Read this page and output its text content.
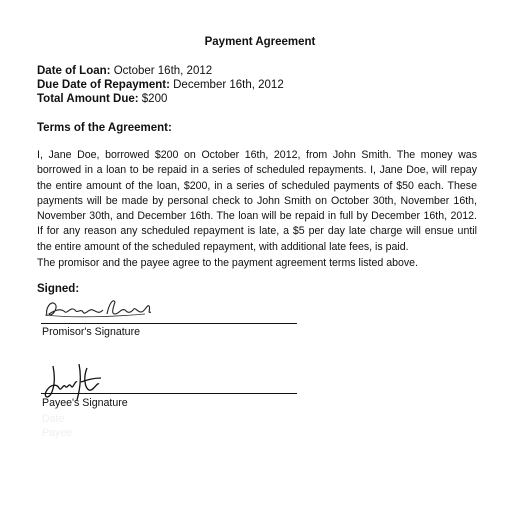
Payment Agreement
Date of Loan: October 16th, 2012
Due Date of Repayment: December 16th, 2012
Total Amount Due: $200
Terms of the Agreement:

I, Jane Doe, borrowed $200 on October 16th, 2012, from John Smith. The money was borrowed in a loan to be repaid in a series of scheduled repayments. I, Jane Doe, will repay the entire amount of the loan, $200, in a series of scheduled payments of $50 each. These payments will be made by personal check to John Smith on October 30th, November 16th, November 30th, and December 16th. The loan will be repaid in full by December 16th, 2012. If for any reason any scheduled repayment is late, a $5 per day late charge will ensue until the entire amount of the scheduled repayment, with additional late fees, is paid.

The promisor and the payee agree to the payment agreement terms listed above.
Signed:
Promisor's Signature
Payee's Signature
Date
Payee
